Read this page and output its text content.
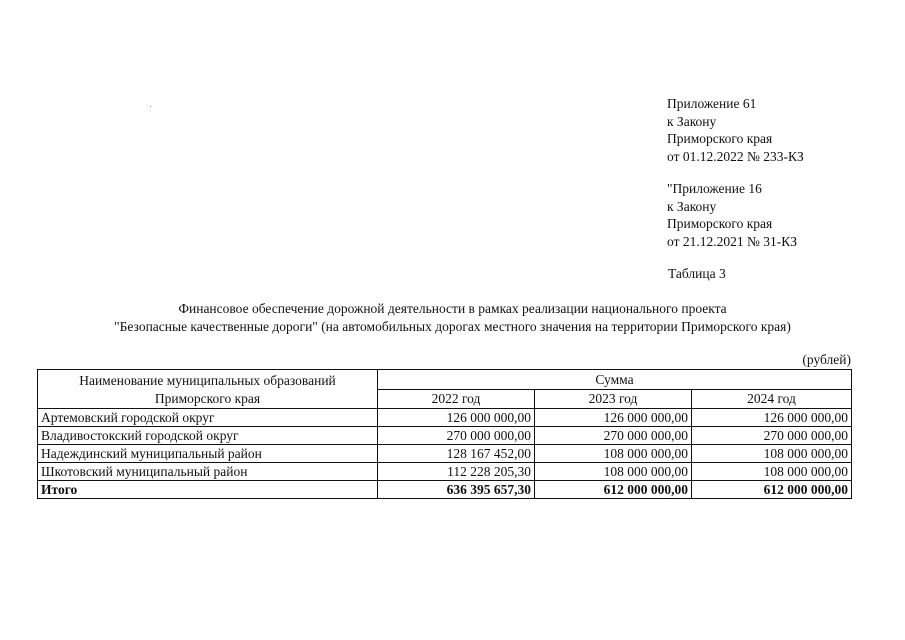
Приложение 61
к Закону
Приморского края
от 01.12.2022 № 233-КЗ
"Приложение 16
к Закону
Приморского края
от 21.12.2021 № 31-КЗ
Таблица 3
Финансовое обеспечение дорожной деятельности в рамках реализации национального проекта
"Безопасные качественные дороги" (на автомобильных дорогах местного значения на территории Приморского края)
(рублей)
Наименование муниципальных образований
Приморского края	Сумма		
	2022 год	2023 год	2024 год
Артемовский городской округ	126 000 000,00	126 000 000,00	126 000 000,00
Владивостокский городской округ	270 000 000,00	270 000 000,00	270 000 000,00
Надеждинский муниципальный район	128 167 452,00	108 000 000,00	108 000 000,00
Шкотовский муниципальный район	112 228 205,30	108 000 000,00	108 000 000,00
Итого	636 395 657,30	612 000 000,00	612 000 000,00
